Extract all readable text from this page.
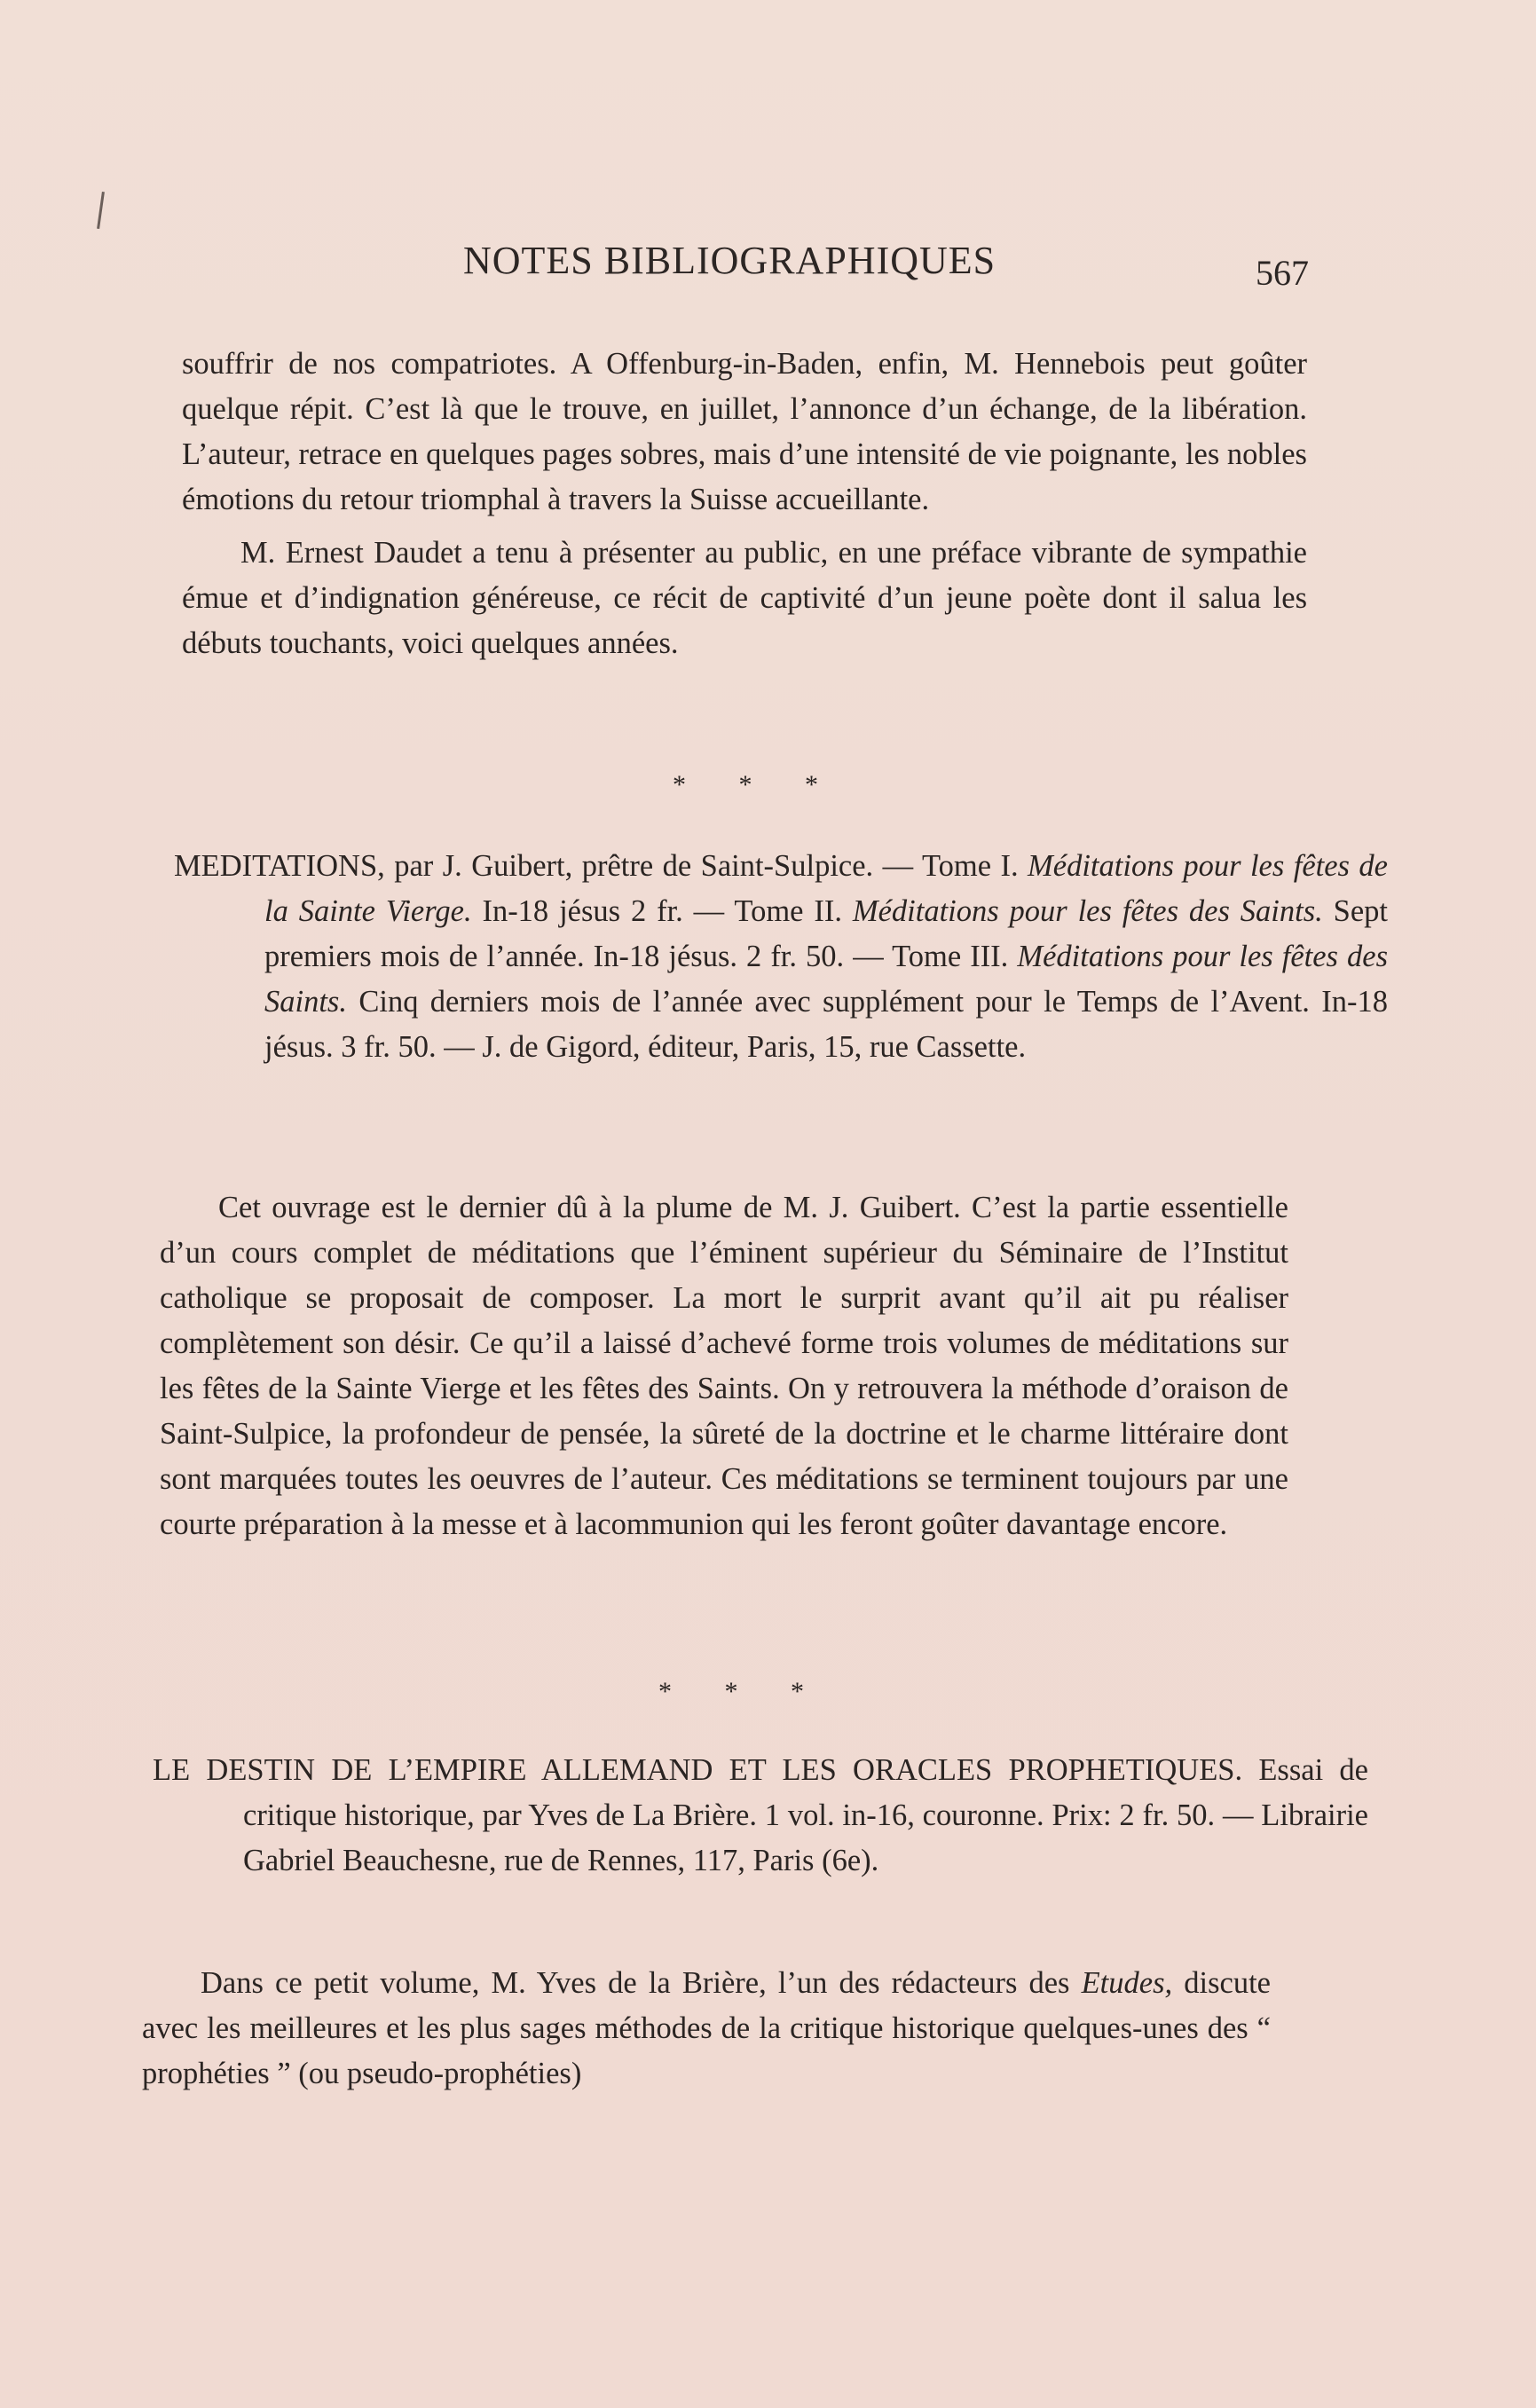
NOTES BIBLIOGRAPHIQUES	567

souffrir de nos compatriotes. A Offenburg-in-Baden, enfin, M. Hennebois peut goûter quelque répit. C’est là que le trouve, en juillet, l’annonce d’un échange, de la libération. L’auteur, retrace en quelques pages sobres, mais d’une intensité de vie poignante, les nobles émotions du retour triomphal à travers la Suisse accueillante.

M. Ernest Daudet a tenu à présenter au public, en une préface vibrante de sympathie émue et d’indignation généreuse, ce récit de captivité d’un jeune poète dont il salua les débuts touchants, voici quelques années.

* * *
MEDITATIONS, par J. Guibert, prêtre de Saint-Sulpice. — Tome I. Méditations pour les fêtes de la Sainte Vierge. In-18 jésus 2 fr. — Tome II. Méditations pour les fêtes des Saints. Sept premiers mois de l’année. In-18 jésus. 2 fr. 50. — Tome III. Méditations pour les fêtes des Saints. Cinq derniers mois de l’année avec supplément pour le Temps de l’Avent. In-18 jésus. 3 fr. 50. — J. de Gigord, éditeur, Paris, 15, rue Cassette.

Cet ouvrage est le dernier dû à la plume de M. J. Guibert. C’est la partie essentielle d’un cours complet de méditations que l’éminent supérieur du Séminaire de l’Institut catholique se proposait de composer. La mort le surprit avant qu’il ait pu réaliser complètement son désir. Ce qu’il a laissé d’achevé forme trois volumes de méditations sur les fêtes de la Sainte Vierge et les fêtes des Saints. On y retrouvera la méthode d’oraison de Saint-Sulpice, la profondeur de pensée, la sûreté de la doctrine et le charme littéraire dont sont marquées toutes les oeuvres de l’auteur. Ces méditations se terminent toujours par une courte préparation à la messe et à lacommunion qui les feront goûter davantage encore.

* * *
LE DESTIN DE L’EMPIRE ALLEMAND ET LES ORACLES PROPHETIQUES. Essai de critique historique, par Yves de La Brière. 1 vol. in-16, couronne. Prix: 2 fr. 50. — Librairie Gabriel Beauchesne, rue de Rennes, 117, Paris (6e).

Dans ce petit volume, M. Yves de la Brière, l’un des rédacteurs des Etudes, discute avec les meilleures et les plus sages méthodes de la critique historique quelques-unes des “ prophéties ” (ou pseudo-prophéties)
